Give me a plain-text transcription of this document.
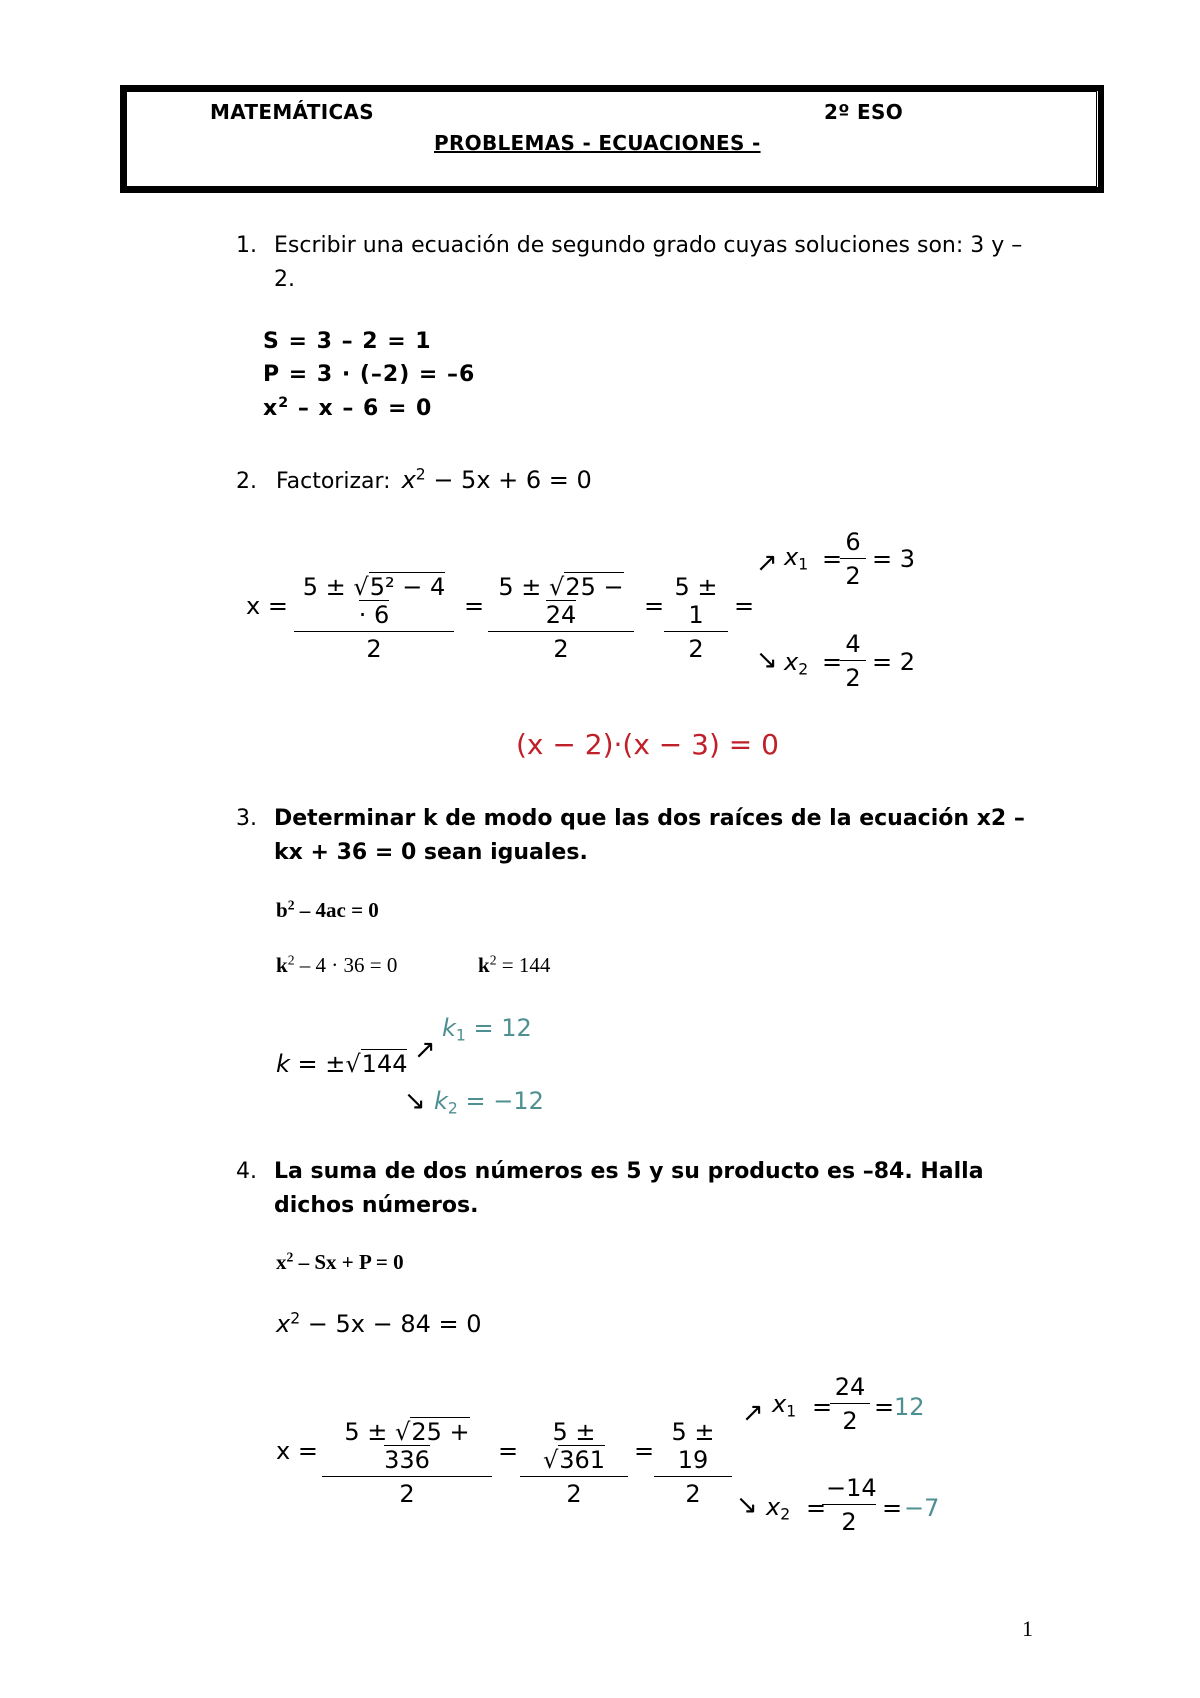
MATEMÁTICAS	2º ESO
PROBLEMAS - ECUACIONES -
1. Escribir una ecuación de segundo grado cuyas soluciones son: 3 y –2.
S = 3 – 2 = 1
P = 3 · (–2) = –6
$x^2 - x - 6 = 0$
2. Factorizar: $x^2 - 5x + 6 = 0$
x =
5 ± √5² − 4 · 6
2
=
5 ± √25 − 24
2
=
5 ± 1
2
=
↗ $x_1$ =
6
2
= 3
↘ $x_2$ =
4
2
= 2
(x − 2)·(x − 3) = 0
3. Determinar k de modo que las dos raíces de la ecuación x2 – kx + 36 = 0 sean iguales.
$b^2 - 4ac = 0$
$k^2 - 4 \cdot 36 = 0$	$k^2 = 144$
k = ±√144 ↗
$k_1 = 12$
↘ $k_2 = -12$
4. La suma de dos números es 5 y su producto es –84. Halla dichos números.
$x^2 - Sx + P = 0$
$x^2 - 5x - 84 = 0$
x =
5 ± √25 + 336
2
=
5 ± √361
2
=
5 ± 19
2
↗ $x_1$ =
24
2 = 12
↘ $x_2$ =
−14
2	= −7
1
